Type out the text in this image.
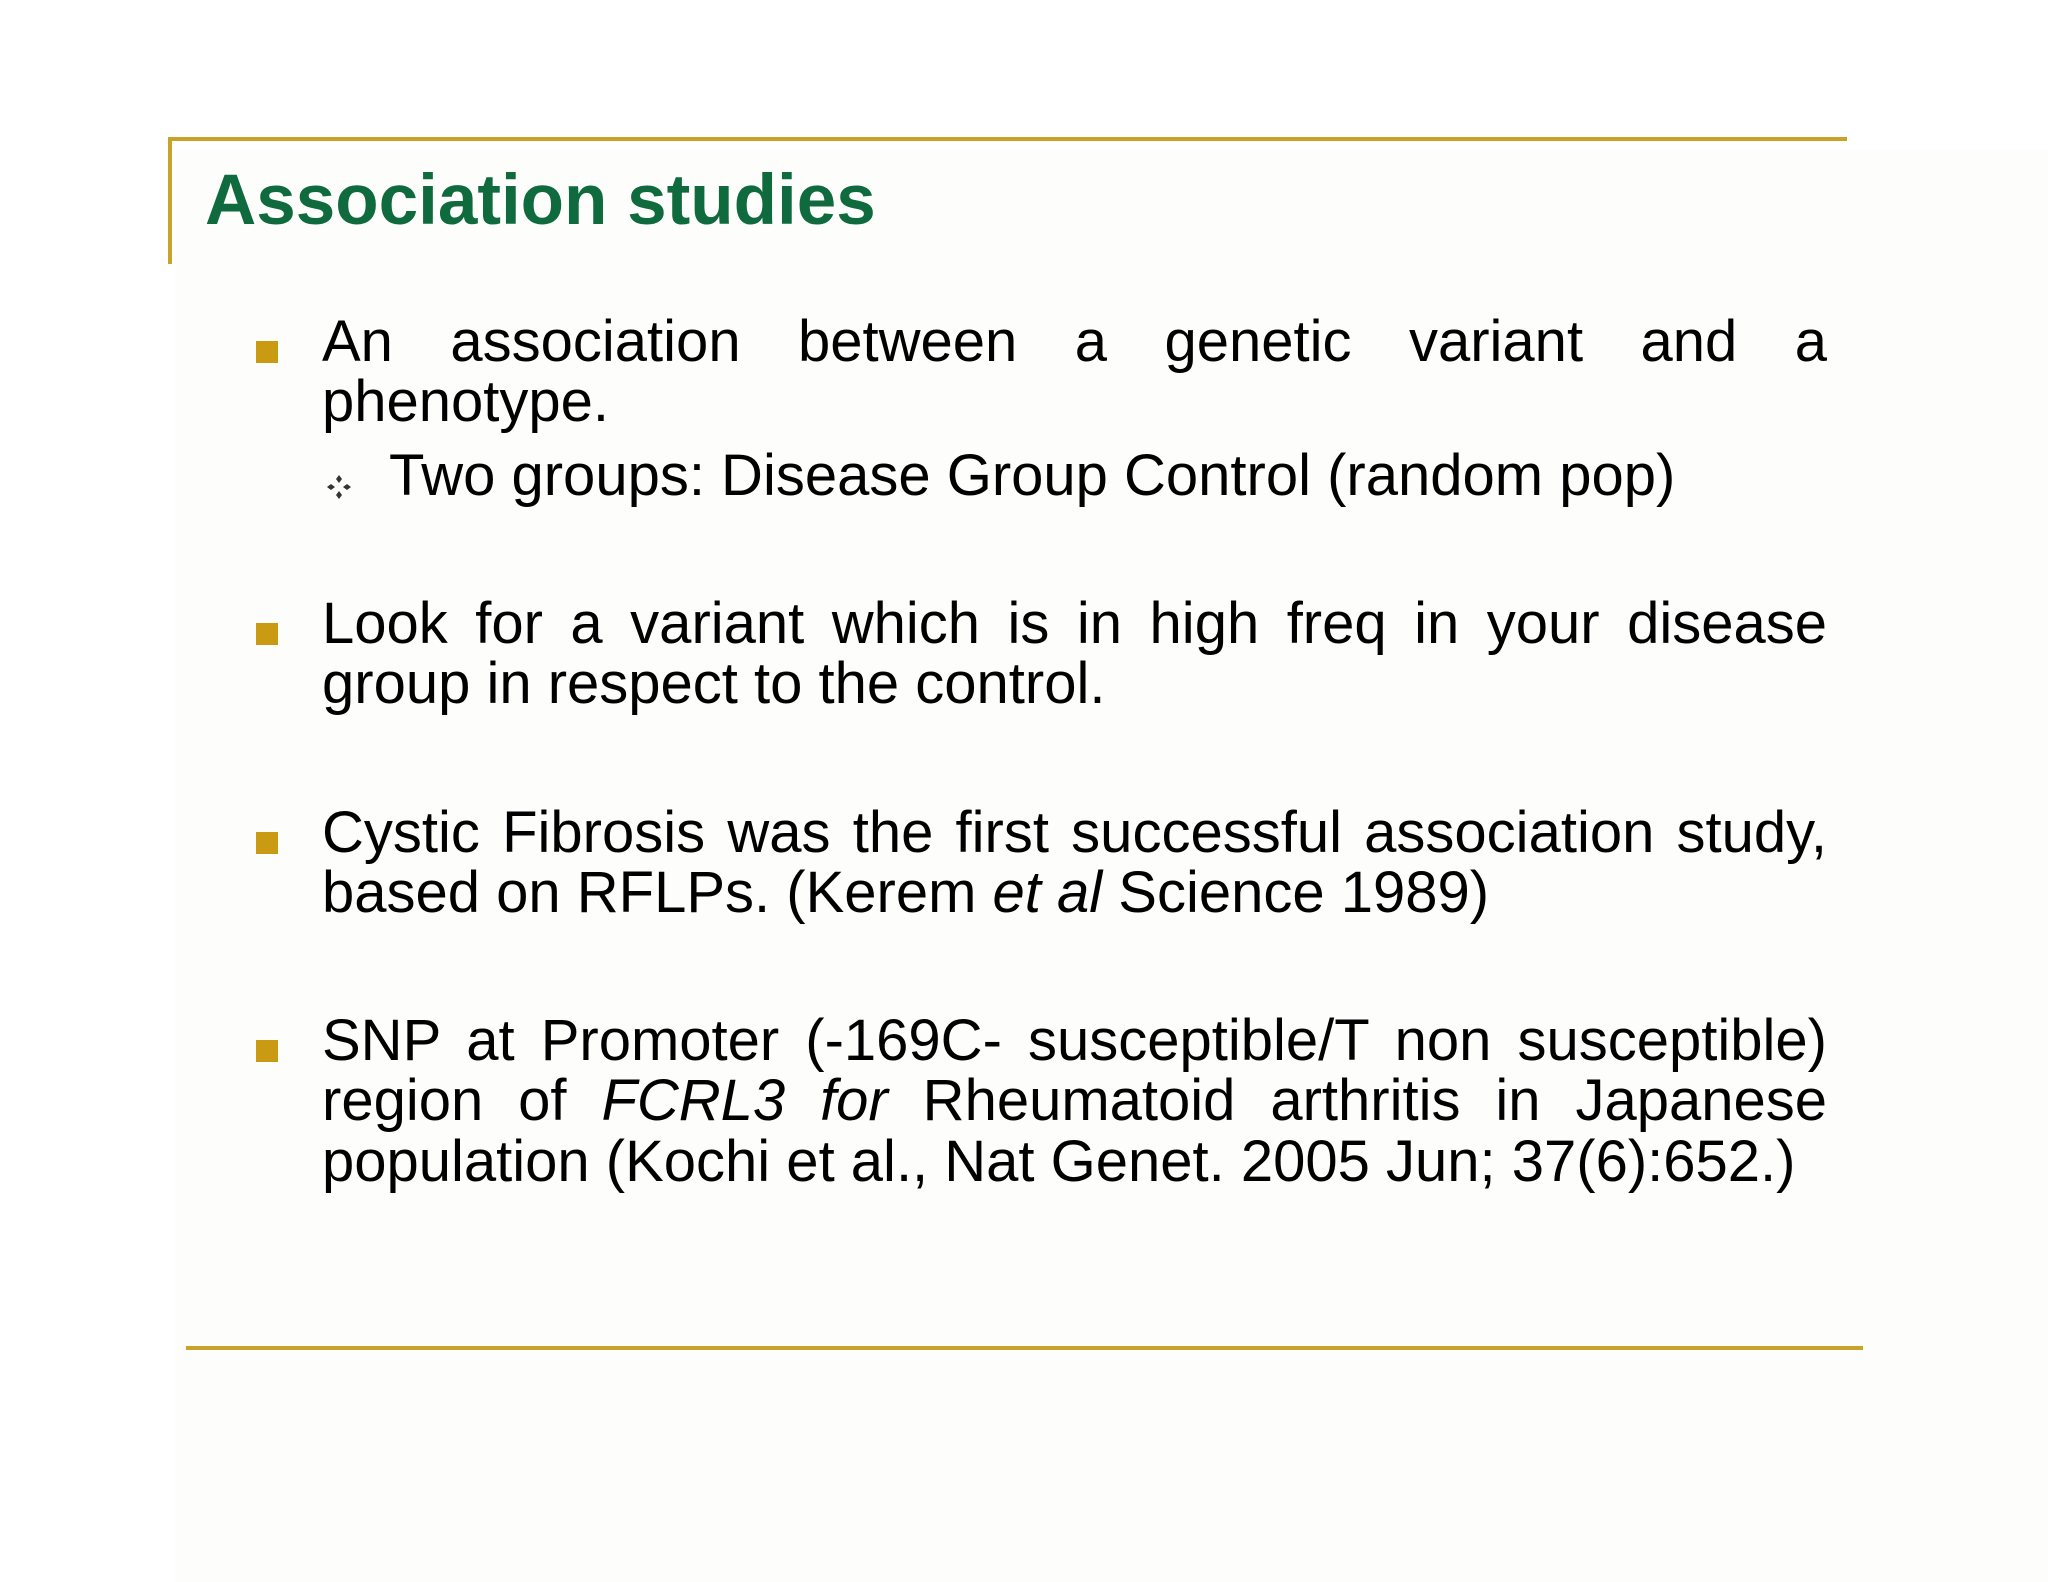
Association studies

An association between a genetic variant and a phenotype.

Two groups: Disease Group Control (random pop)

Look for a variant which is in high freq in your disease group in respect to the control.

Cystic Fibrosis was the first successful association study, based on RFLPs. (Kerem et al Science 1989)

SNP at Promoter (-169C- susceptible/T non susceptible) region of FCRL3 for Rheumatoid arthritis in Japanese population (Kochi et al., Nat Genet. 2005 Jun; 37(6):652.)
